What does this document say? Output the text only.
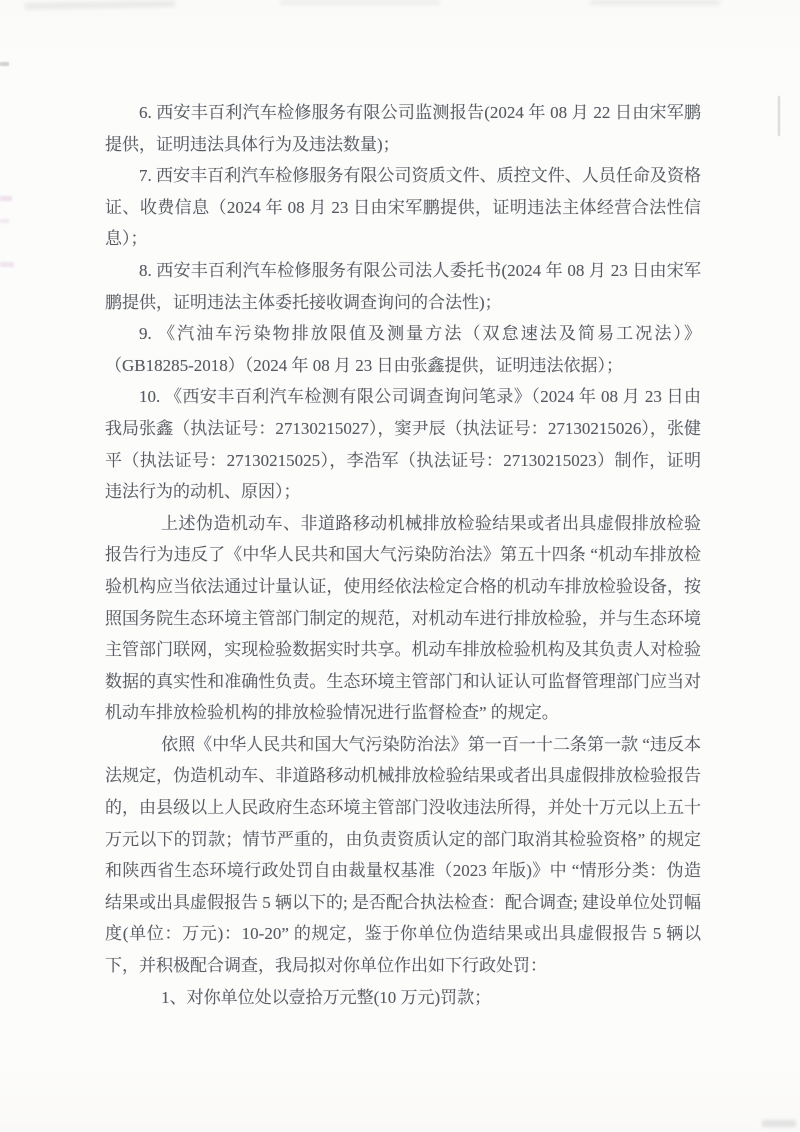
6. 西安丰百利汽车检修服务有限公司监测报告(2024 年 08 月 22 日由宋军鹏提供，证明违法具体行为及违法数量)；

7. 西安丰百利汽车检修服务有限公司资质文件、质控文件、人员任命及资格证、收费信息（2024 年 08 月 23 日由宋军鹏提供，证明违法主体经营合法性信息）；

8. 西安丰百利汽车检修服务有限公司法人委托书(2024 年 08 月 23 日由宋军鹏提供，证明违法主体委托接收调查询问的合法性)；

9. 《汽油车污染物排放限值及测量方法（双怠速法及简易工况法）》（GB18285-2018）（2024 年 08 月 23 日由张鑫提供，证明违法依据）；

10. 《西安丰百利汽车检测有限公司调查询问笔录》（2024 年 08 月 23 日由我局张鑫（执法证号：27130215027），窦尹辰（执法证号：27130215026），张健平（执法证号：27130215025），李浩军（执法证号：27130215023）制作，证明违法行为的动机、原因）；

上述伪造机动车、非道路移动机械排放检验结果或者出具虚假排放检验报告行为违反了《中华人民共和国大气污染防治法》第五十四条 “机动车排放检验机构应当依法通过计量认证，使用经依法检定合格的机动车排放检验设备，按照国务院生态环境主管部门制定的规范，对机动车进行排放检验，并与生态环境主管部门联网，实现检验数据实时共享。机动车排放检验机构及其负责人对检验数据的真实性和准确性负责。生态环境主管部门和认证认可监督管理部门应当对机动车排放检验机构的排放检验情况进行监督检查” 的规定。

依照《中华人民共和国大气污染防治法》第一百一十二条第一款 “违反本法规定，伪造机动车、非道路移动机械排放检验结果或者出具虚假排放检验报告的，由县级以上人民政府生态环境主管部门没收违法所得，并处十万元以上五十万元以下的罚款；情节严重的，由负责资质认定的部门取消其检验资格” 的规定和陕西省生态环境行政处罚自由裁量权基准（2023 年版)》中 “情形分类：伪造结果或出具虚假报告 5 辆以下的; 是否配合执法检查：配合调查; 建设单位处罚幅度(单位：万元)：10-20” 的规定，鉴于你单位伪造结果或出具虚假报告 5 辆以下，并积极配合调查，我局拟对你单位作出如下行政处罚：

1、对你单位处以壹拾万元整(10 万元)罚款；
